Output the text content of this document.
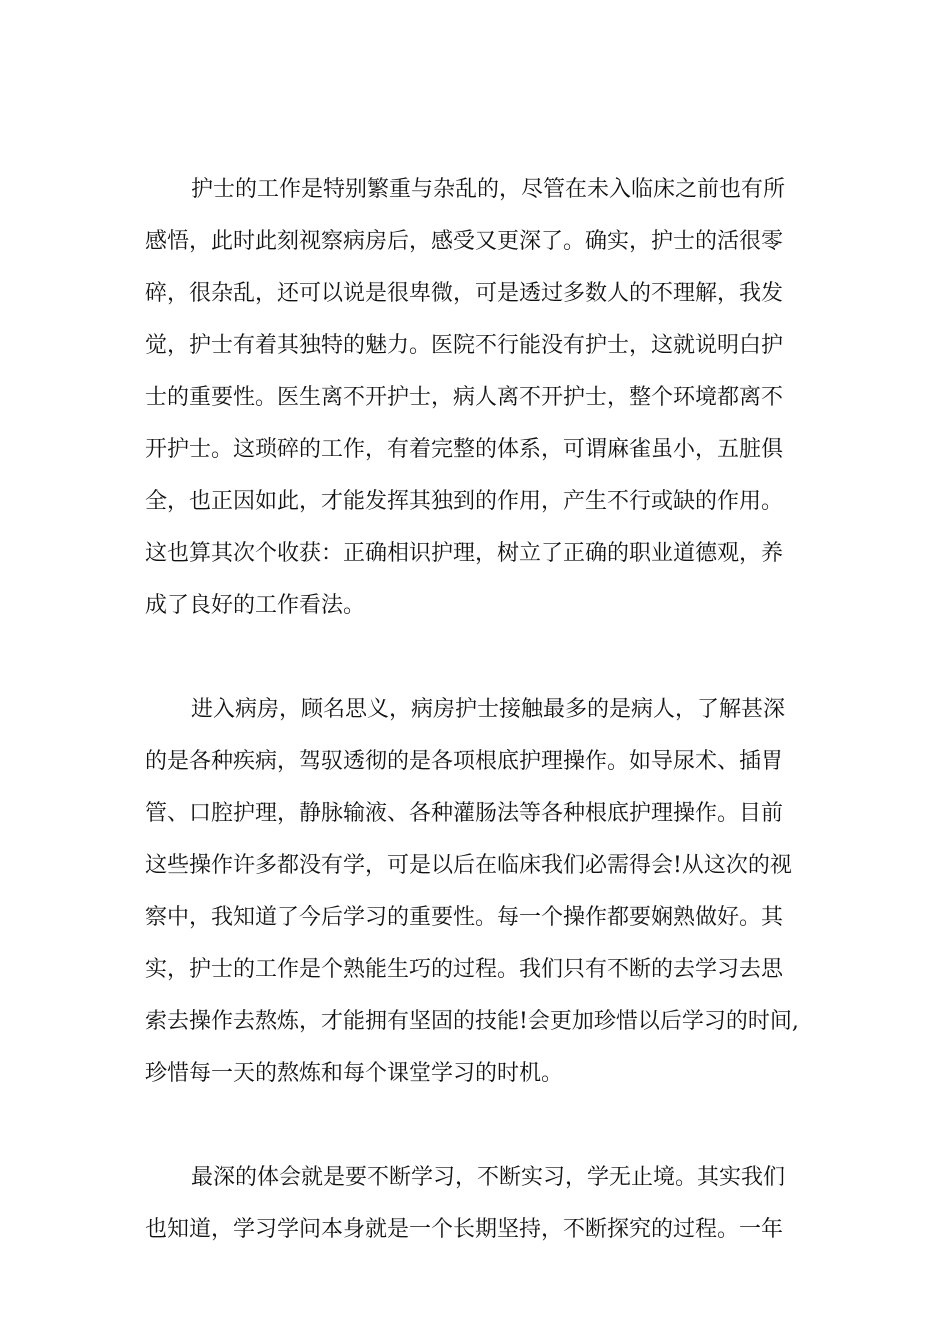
护士的工作是特别繁重与杂乱的，尽管在未入临床之前也有所
感悟，此时此刻视察病房后，感受又更深了。确实，护士的活很零
碎，很杂乱，还可以说是很卑微，可是透过多数人的不理解，我发
觉，护士有着其独特的魅力。医院不行能没有护士，这就说明白护
士的重要性。医生离不开护士，病人离不开护士，整个环境都离不
开护士。这琐碎的工作，有着完整的体系，可谓麻雀虽小，五脏俱
全，也正因如此，才能发挥其独到的作用，产生不行或缺的作用。
这也算其次个收获：正确相识护理，树立了正确的职业道德观，养
成了良好的工作看法。
进入病房，顾名思义，病房护士接触最多的是病人，了解甚深
的是各种疾病，驾驭透彻的是各项根底护理操作。如导尿术、插胃
管、口腔护理，静脉输液、各种灌肠法等各种根底护理操作。目前
这些操作许多都没有学，可是以后在临床我们必需得会!从这次的视
察中，我知道了今后学习的重要性。每一个操作都要娴熟做好。其
实，护士的工作是个熟能生巧的过程。我们只有不断的去学习去思
索去操作去熬炼，才能拥有坚固的技能!会更加珍惜以后学习的时间,
珍惜每一天的熬炼和每个课堂学习的时机。
最深的体会就是要不断学习，不断实习，学无止境。其实我们
也知道，学习学问本身就是一个长期坚持，不断探究的过程。一年
